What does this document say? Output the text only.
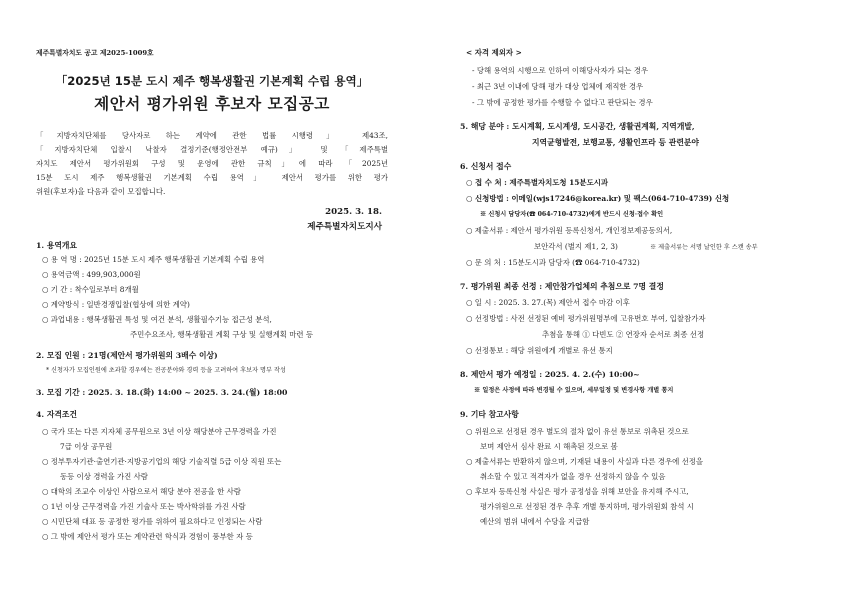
제주특별자치도 공고 제2025-1009호
「2025년 15분 도시 제주 행복생활권 기본계획 수립 용역」
제안서 평가위원 후보자 모집공고
「지방자치단체를 당사자로 하는 계약에 관한 법률 시행령」 제43조,
「지방자치단체 입찰시 낙찰자 결정기준(행정안전부 예규)」 및 「제주특별
자치도 제안서 평가위원회 구성 및 운영에 관한 규칙」에 따라 「2025년
15분 도시 제주 행복생활권 기본계획 수립 용역」 제안서 평가를 위한 평가
위원(후보자)을 다음과 같이 모집합니다.
2025. 3. 18.
제주특별자치도지사
1. 용역개요
○ 용 역 명 : 2025년 15분 도시 제주 행복생활권 기본계획 수립 용역
○ 용역금액 : 499,903,000원
○ 기 간 : 착수일로부터 8개월
○ 계약방식 : 일반경쟁입찰(협상에 의한 계약)
○ 과업내용 : 행복생활권 특성 및 여건 분석, 생활필수기능 접근성 분석,
주민수요조사, 행복생활권 계획 구상 및 실행계획 마련 등
2. 모집 인원 : 21명(제안서 평가위원의 3배수 이상)
* 신청자가 모집인원에 초과할 경우에는 전공분야와 경력 등을 고려하여 후보자 명부 작성
3. 모집 기간 : 2025. 3. 18.(화) 14:00 ~ 2025. 3. 24.(월) 18:00
4. 자격조건
○ 국가 또는 다른 지자체 공무원으로 3년 이상 해당분야 근무경력을 가진
7급 이상 공무원
○ 정부투자기관·출연기관·지방공기업의 해당 기술직렬 5급 이상 직원 또는
동등 이상 경력을 가진 사람
○ 대학의 조교수 이상인 사람으로서 해당 분야 전공을 한 사람
○ 1년 이상 근무경력을 가진 기술사 또는 박사학위를 가진 사람
○ 시민단체 대표 등 공정한 평가를 위하여 필요하다고 인정되는 사람
○ 그 밖에 제안서 평가 또는 계약관련 학식과 경험이 풍부한 자 등
< 자격 제외자 >
- 당해 용역의 시행으로 인하여 이해당사자가 되는 경우
- 최근 3년 이내에 당해 평가 대상 업체에 재직한 경우
- 그 밖에 공정한 평가를 수행할 수 없다고 판단되는 경우
5. 해당 분야 : 도시계획, 도시계생, 도시공간, 생활권계획, 지역개발,
지역균형발전, 보행교통, 생활인프라 등 관련분야
6. 신청서 접수
○ 접 수 처 : 제주특별자치도청 15분도시과
○ 신청방법 : 이메일(wjs17246@korea.kr) 및 팩스(064-710-4739) 신청
※ 신청시 담당자(☎ 064-710-4732)에게 반드시 신청·접수 확인
○ 제출서류 : 제안서 평가위원 등록신청서, 개인정보제공동의서,
보안각서 (별지 제1, 2, 3)	※ 제출서류는 서명 날인한 후 스캔 송부
○ 문 의 처 : 15분도시과 담당자 (☎ 064-710-4732)
7. 평가위원 최종 선정 : 제안참가업체의 추첨으로 7명 결정
○ 일 시 : 2025. 3. 27.(목) 제안서 접수 마감 이후
○ 선정방법 : 사전 선정된 예비 평가위원명부에 고유번호 부여, 입찰참가자
추첨을 통해 ① 다빈도 ② 연장자 순서로 최종 선정
○ 선정통보 : 해당 위원에게 개별로 유선 통지
8. 제안서 평가 예정일 : 2025. 4. 2.(수) 10:00~
※ 일정은 사정에 따라 변경될 수 있으며, 세부일정 및 변경사항 개별 통지
9. 기타 참고사항
○ 위원으로 선정된 경우 별도의 절차 없이 유선 통보로 위촉된 것으로
보며 제안서 심사 완료 시 해촉된 것으로 봄
○ 제출서류는 반환하지 않으며, 기재된 내용이 사실과 다른 경우에 선정을
취소할 수 있고 적격자가 없을 경우 선정하지 않을 수 있음
○ 후보자 등록신청 사실은 평가 공정성을 위해 보안을 유지해 주시고,
평가위원으로 선정된 경우 추후 개별 통지하며, 평가위원회 참석 시
예산의 범위 내에서 수당을 지급함
